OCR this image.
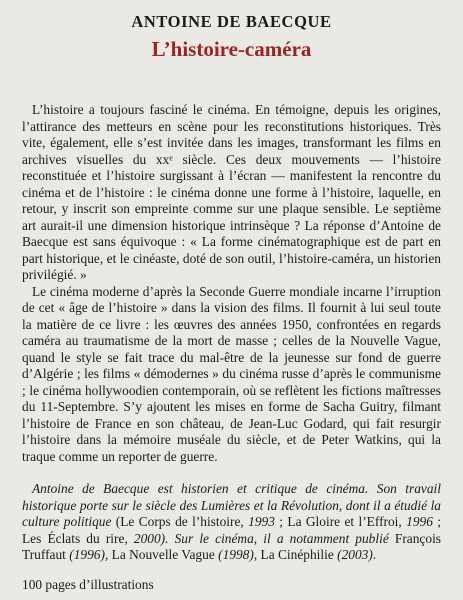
ANTOINE DE BAECQUE
L’histoire-caméra

L’histoire a toujours fasciné le cinéma. En témoigne, depuis les origines, l’attirance des metteurs en scène pour les reconstitutions historiques. Très vite, également, elle s’est invitée dans les images, transformant les films en archives visuelles du xxᵉ siècle. Ces deux mouvements — l’histoire reconstituée et l’histoire surgissant à l’écran — manifestent la rencontre du cinéma et de l’histoire : le cinéma donne une forme à l’histoire, laquelle, en retour, y inscrit son empreinte comme sur une plaque sensible. Le septième art aurait-il une dimension historique intrinsèque ? La réponse d’Antoine de Baecque est sans équivoque : « La forme cinématographique est de part en part historique, et le cinéaste, doté de son outil, l’histoire-caméra, un historien privilégié. »

Le cinéma moderne d’après la Seconde Guerre mondiale incarne l’irruption de cet « âge de l’histoire » dans la vision des films. Il fournit à lui seul toute la matière de ce livre : les œuvres des années 1950, confrontées en regards caméra au traumatisme de la mort de masse ; celles de la Nouvelle Vague, quand le style se fait trace du mal-être de la jeunesse sur fond de guerre d’Algérie ; les films « démodernes » du cinéma russe d’après le communisme ; le cinéma hollywoodien contemporain, où se reflètent les fictions maîtresses du 11-Septembre. S’y ajoutent les mises en forme de Sacha Guitry, filmant l’histoire de France en son château, de Jean-Luc Godard, qui fait resurgir l’histoire dans la mémoire muséale du siècle, et de Peter Watkins, qui la traque comme un reporter de guerre.

Antoine de Baecque est historien et critique de cinéma. Son travail historique porte sur le siècle des Lumières et la Révolution, dont il a étudié la culture politique (Le Corps de l’histoire, 1993 ; La Gloire et l’Effroi, 1996 ; Les Éclats du rire, 2000). Sur le cinéma, il a notamment publié François Truffaut (1996), La Nouvelle Vague (1998), La Cinéphilie (2003).

100 pages d’illustrations
